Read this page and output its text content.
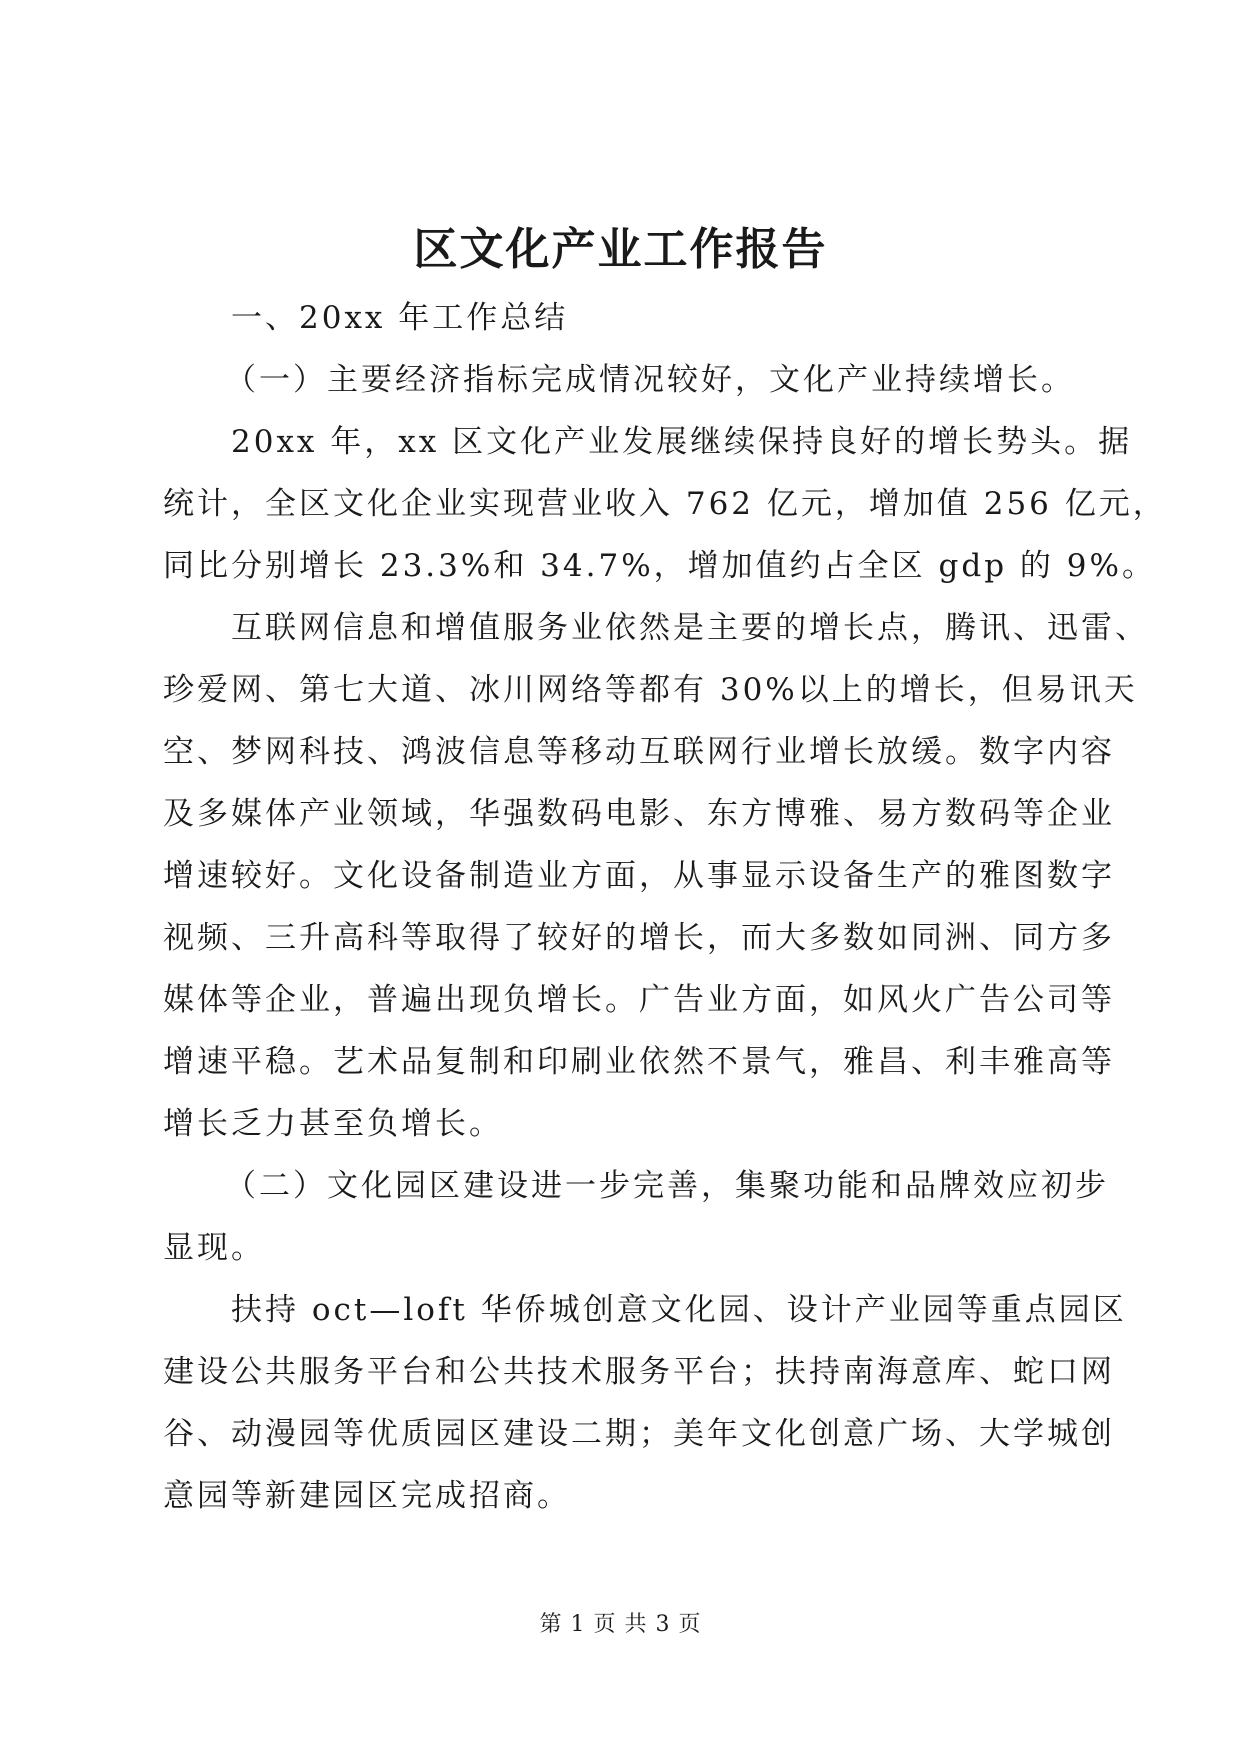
区文化产业工作报告
一、20xx 年工作总结
（一）主要经济指标完成情况较好，文化产业持续增长。
20xx 年，xx 区文化产业发展继续保持良好的增长势头。据
统计，全区文化企业实现营业收入 762 亿元，增加值 256 亿元，
同比分别增长 23.3%和 34.7%，增加值约占全区 gdp 的 9%。
互联网信息和增值服务业依然是主要的增长点，腾讯、迅雷、
珍爱网、第七大道、冰川网络等都有 30%以上的增长，但易讯天
空、梦网科技、鸿波信息等移动互联网行业增长放缓。数字内容
及多媒体产业领域，华强数码电影、东方博雅、易方数码等企业
增速较好。文化设备制造业方面，从事显示设备生产的雅图数字
视频、三升高科等取得了较好的增长，而大多数如同洲、同方多
媒体等企业，普遍出现负增长。广告业方面，如风火广告公司等
增速平稳。艺术品复制和印刷业依然不景气，雅昌、利丰雅高等
增长乏力甚至负增长。
（二）文化园区建设进一步完善，集聚功能和品牌效应初步
显现。
扶持 oct—loft 华侨城创意文化园、设计产业园等重点园区
建设公共服务平台和公共技术服务平台；扶持南海意库、蛇口网
谷、动漫园等优质园区建设二期；美年文化创意广场、大学城创
意园等新建园区完成招商。
第 1 页 共 3 页
